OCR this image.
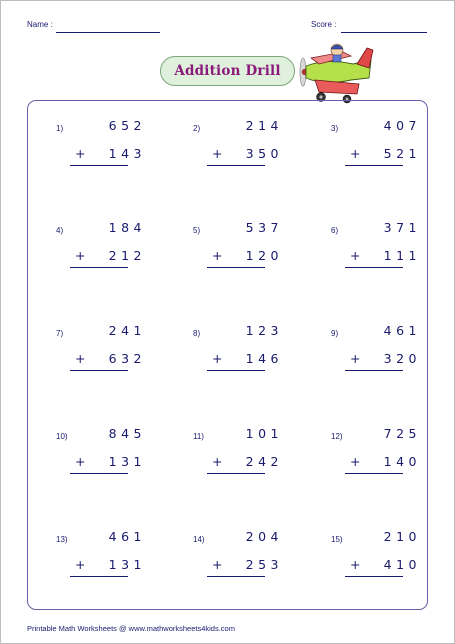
Name :	Score :
Addition Drill
1)	652
+ 143
2)	214
+ 350
3)	407
+ 521
4)	184
+ 212
5)	537
+ 120
6)	371
+ 111
7)	241
+ 632
8)	123
+ 146
9)	461
+ 320
10)	845
+ 131
11)	101
+ 242
12)	725
+ 140
13)	461
+ 131
14)	204
+ 253
15)	210
+ 410
Printable Math Worksheets @ www.mathworksheets4kids.com
